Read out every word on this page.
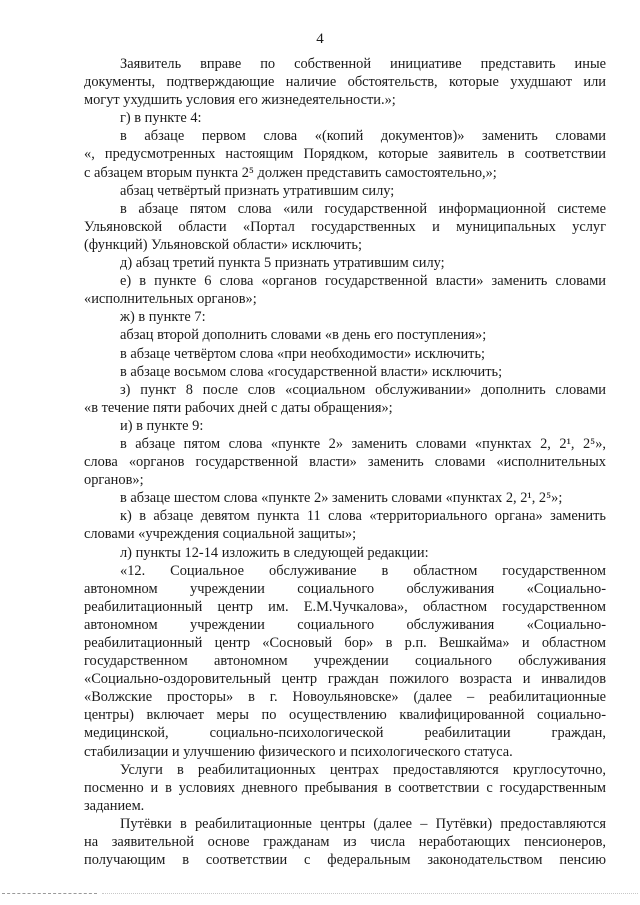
4
Заявитель вправе по собственной инициативе представить иные
документы, подтверждающие наличие обстоятельств, которые ухудшают или
могут ухудшить условия его жизнедеятельности.»;
г) в пункте 4:
в абзаце первом слова «(копий документов)» заменить словами
«, предусмотренных настоящим Порядком, которые заявитель в соответствии
с абзацем вторым пункта 2⁵ должен представить самостоятельно,»;
абзац четвёртый признать утратившим силу;
в абзаце пятом слова «или государственной информационной системе
Ульяновской области «Портал государственных и муниципальных услуг
(функций) Ульяновской области» исключить;
д) абзац третий пункта 5 признать утратившим силу;
е) в пункте 6 слова «органов государственной власти» заменить словами
«исполнительных органов»;
ж) в пункте 7:
абзац второй дополнить словами «в день его поступления»;
в абзаце четвёртом слова «при необходимости» исключить;
в абзаце восьмом слова «государственной власти» исключить;
з) пункт 8 после слов «социальном обслуживании» дополнить словами
«в течение пяти рабочих дней с даты обращения»;
и) в пункте 9:
в абзаце пятом слова «пункте 2» заменить словами «пунктах 2, 2¹, 2⁵»,
слова «органов государственной власти» заменить словами «исполнительных
органов»;
в абзаце шестом слова «пункте 2» заменить словами «пунктах 2, 2¹, 2⁵»;
к) в абзаце девятом пункта 11 слова «территориального органа» заменить
словами «учреждения социальной защиты»;
л) пункты 12-14 изложить в следующей редакции:
«12. Социальное обслуживание в областном государственном
автономном учреждении социального обслуживания «Социально-
реабилитационный центр им. Е.М.Чучкалова», областном государственном
автономном учреждении социального обслуживания «Социально-
реабилитационный центр «Сосновый бор» в р.п. Вешкайма» и областном
государственном автономном учреждении социального обслуживания
«Социально-оздоровительный центр граждан пожилого возраста и инвалидов
«Волжские просторы» в г. Новоульяновске» (далее – реабилитационные
центры) включает меры по осуществлению квалифицированной социально-
медицинской, социально-психологической реабилитации граждан,
стабилизации и улучшению физического и психологического статуса.
Услуги в реабилитационных центрах предоставляются круглосуточно,
посменно и в условиях дневного пребывания в соответствии с государственным
заданием.
Путёвки в реабилитационные центры (далее – Путёвки) предоставляются
на заявительной основе гражданам из числа неработающих пенсионеров,
получающим в соответствии с федеральным законодательством пенсию
